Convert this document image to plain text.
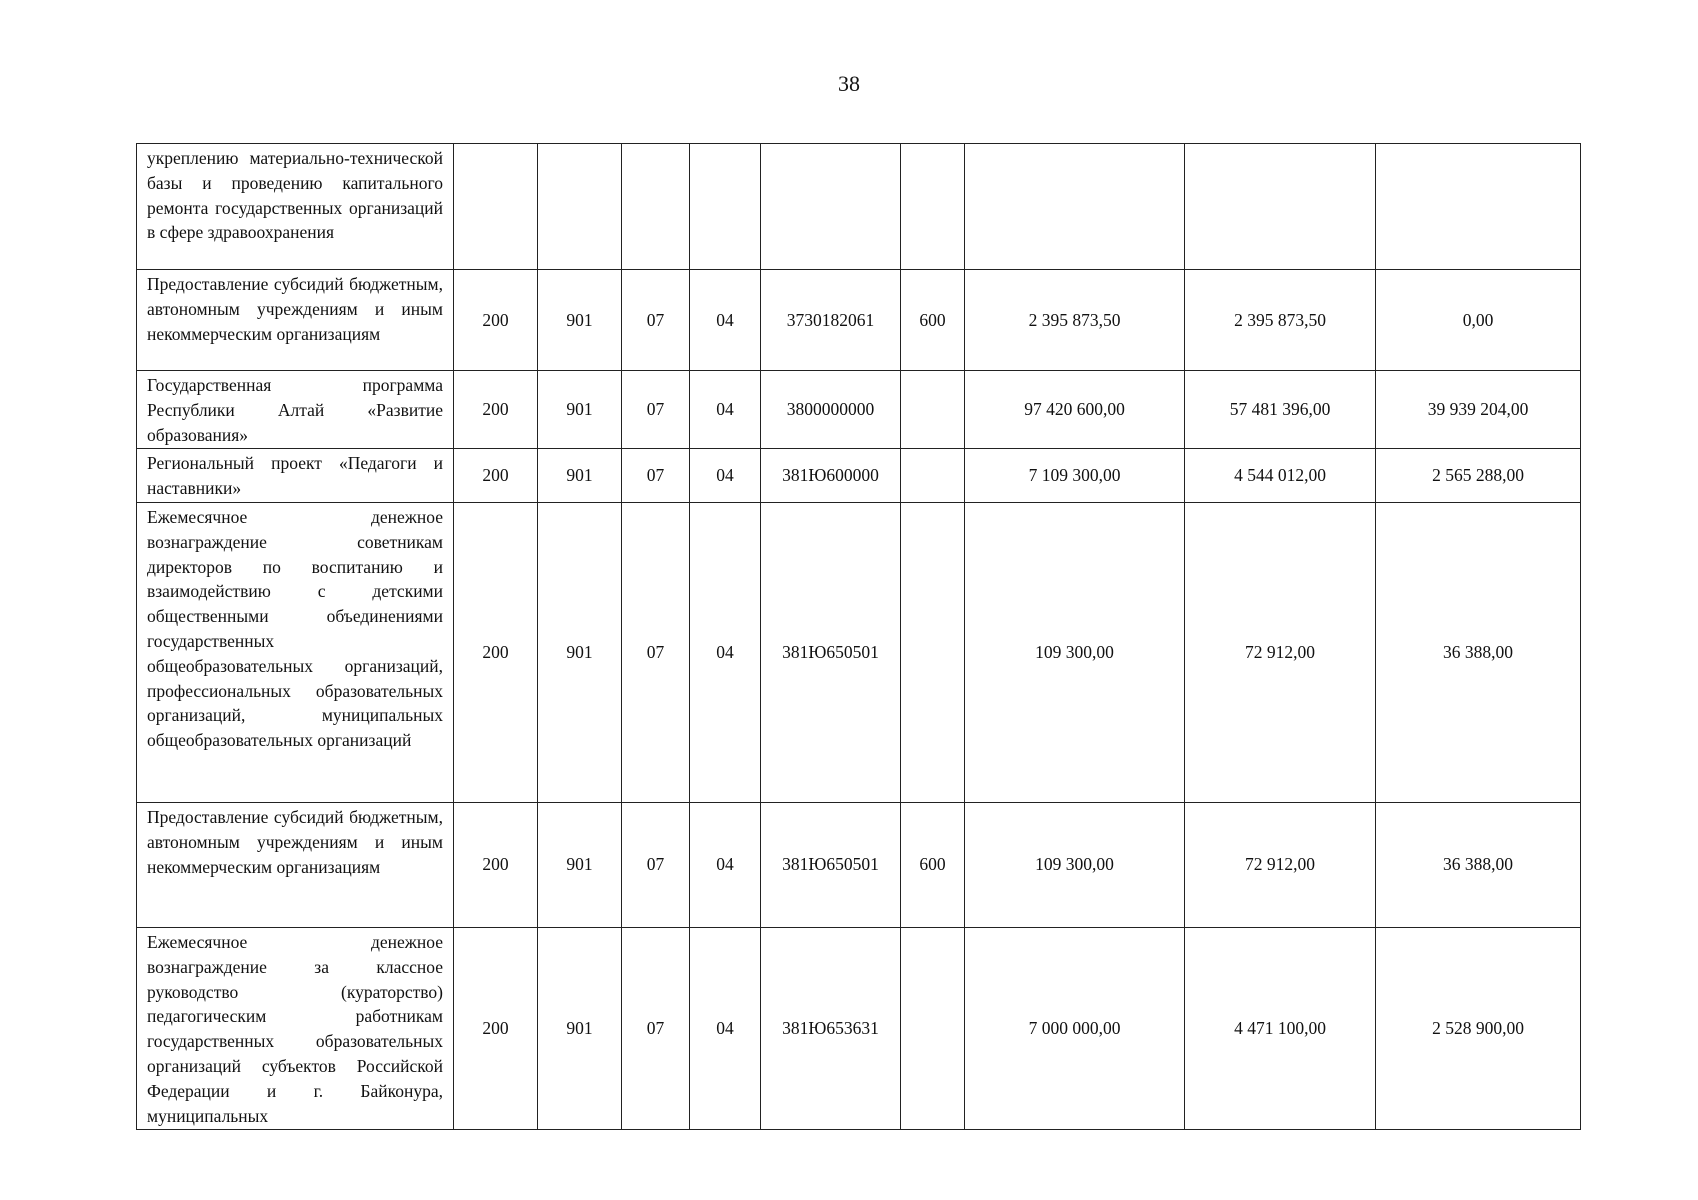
38
укреплению материально-технической базы и проведению капитального ремонта государственных организаций в сфере здравоохранения									

Предоставление субсидий бюджетным, автономным учреждениям и иным некоммерческим организациям	200	901	07	04	3730182061	600	2 395 873,50	2 395 873,50	0,00

Государственная программа Республики Алтай «Развитие образования»	200	901	07	04	3800000000		97 420 600,00	57 481 396,00	39 939 204,00

Региональный проект «Педагоги и наставники»	200	901	07	04	381Ю600000		7 109 300,00	4 544 012,00	2 565 288,00

Ежемесячное денежное вознаграждение советникам директоров по воспитанию и взаимодействию с детскими общественными объединениями государственных общеобразовательных организаций, профессиональных образовательных организаций, муниципальных общеобразовательных организаций	200	901	07	04	381Ю650501		109 300,00	72 912,00	36 388,00

Предоставление субсидий бюджетным, автономным учреждениям и иным некоммерческим организациям	200	901	07	04	381Ю650501	600	109 300,00	72 912,00	36 388,00

Ежемесячное денежное вознаграждение за классное руководство (кураторство) педагогическим работникам государственных образовательных организаций субъектов Российской Федерации и г. Байконура, муниципальных	200	901	07	04	381Ю653631		7 000 000,00	4 471 100,00	2 528 900,00
